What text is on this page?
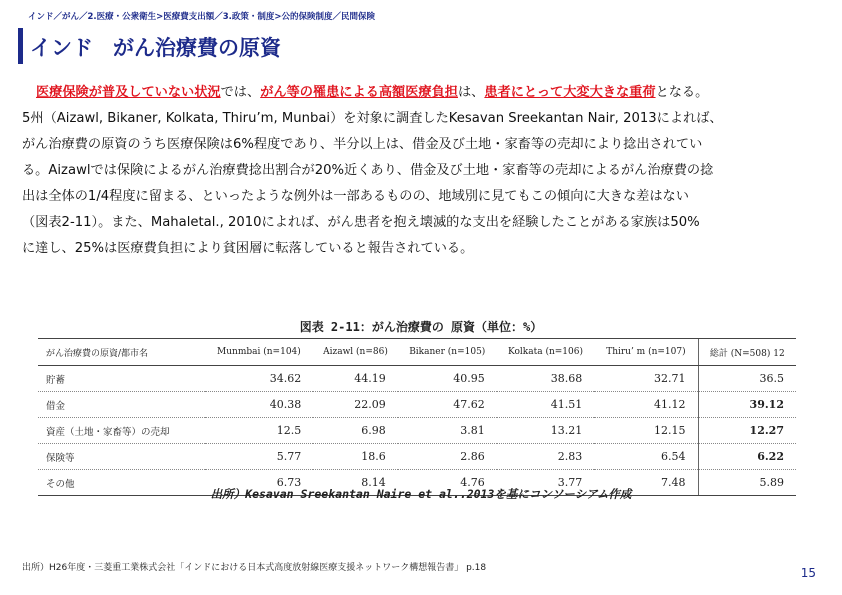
インド／がん／2.医療・公衆衛生>医療費支出額／3.政策・制度>公的保険制度／民間保険
インド がん治療費の原資
医療保険が普及していない状況では、がん等の罹患による高額医療負担は、患者にとって大変大きな重荷となる。
5州（Aizawl, Bikaner, Kolkata, Thiru’m, Munbai）を対象に調査したKesavan Sreekantan Nair, 2013によれば、
がん治療費の原資のうち医療保険は6%程度であり、半分以上は、借金及び土地・家畜等の売却により捻出されてい
る。Aizawlでは保険によるがん治療費捻出割合が20%近くあり、借金及び土地・家畜等の売却によるがん治療費の捻
出は全体の1/4程度に留まる、といったような例外は一部あるものの、地域別に見てもこの傾向に大きな差はない
（図表2-11）。また、Mahaletal., 2010によれば、がん患者を抱え壊滅的な支出を経験したことがある家族は50%
に達し、25%は医療費負担により貧困層に転落していると報告されている。
図表 2-11：がん治療費の 原資（単位：%）
がん治療費の原資/都市名	Munmbai (n=104)	Aizawl (n=86)	Bikaner (n=105)	Kolkata (n=106)	Thiru’ m (n=107)	総計 (N=508) 12
貯蓄	34.62	44.19	40.95	38.68	32.71	36.5
借金	40.38	22.09	47.62	41.51	41.12	39.12
資産（土地・家畜等）の売却	12.5	6.98	3.81	13.21	12.15	12.27
保険等	5.77	18.6	2.86	2.83	6.54	6.22
その他	6.73	8.14	4.76	3.77	7.48	5.89
出所）Kesavan Sreekantan Naire et al..2013を基にコンソーシアム作成
出所）H26年度・三菱重工業株式会社「インドにおける日本式高度放射線医療支援ネットワーク構想報告書」 p.18	15
